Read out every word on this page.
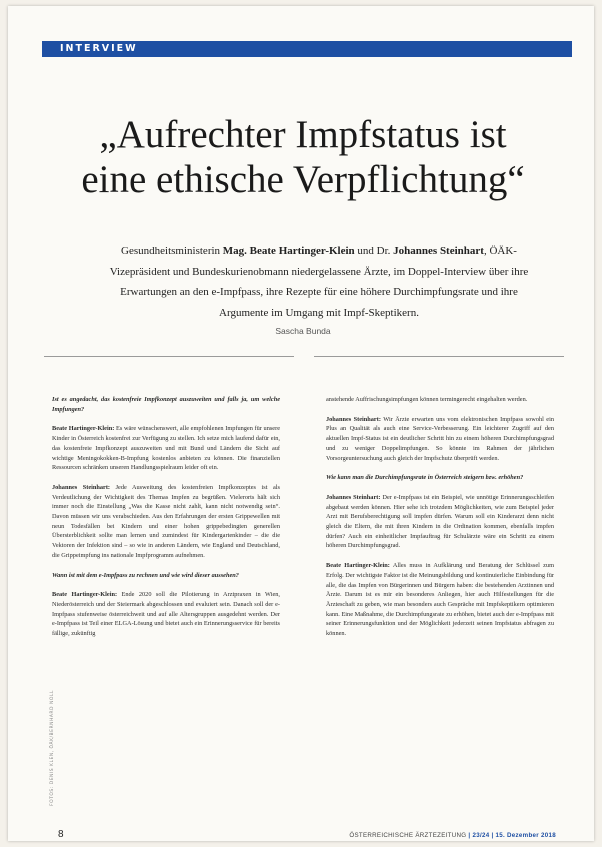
INTERVIEW
„Aufrechter Impfstatus ist
eine ethische Verpflichtung“
Gesundheitsministerin Mag. Beate Hartinger-Klein und Dr. Johannes Steinhart, ÖÄK-Vizepräsident und Bundeskurienobmann niedergelassene Ärzte, im Doppel-Interview über ihre Erwartungen an den e-Impfpass, ihre Rezepte für eine höhere Durchimpfungsrate und ihre Argumente im Umgang mit Impf-Skeptikern.
Sascha Bunda

Ist es angedacht, das kostenfreie Impfkonzept auszuweiten und falls ja, um welche Impfungen?

Beate Hartinger-Klein: Es wäre wünschenswert, alle empfohlenen Impfungen für unsere Kinder in Österreich kostenfrei zur Verfügung zu stellen. Ich setze mich laufend dafür ein, das kostenfreie Impfkonzept auszuweiten und mit Bund und Ländern die Sicht auf wichtige Meningokokken-B-Impfung kostenlos anbieten zu können. Die finanziellen Ressourcen schränken unseren Handlungsspielraum leider oft ein.

Johannes Steinhart: Jede Ausweitung des kostenfreien Impfkonzeptes ist als Verdeutlichung der Wichtigkeit des Themas Impfen zu begrüßen. Vielerorts hält sich immer noch die Einstellung „Was die Kasse nicht zahlt, kann nicht notwendig sein“. Davon müssen wir uns verabschieden. Aus den Erfahrungen der ersten Grippewellen mit neun Todesfällen bei Kindern und einer hohen grippebedingten generellen Übersterblichkeit sollte man lernen und zumindest für Kindergartenkinder – die die Vektoren der Infektion sind – so wie in anderen Ländern, wie England und Deutschland, die Grippeimpfung ins nationale Impfprogramm aufnehmen.

Wann ist mit dem e-Impfpass zu rechnen und wie wird dieser aussehen?

Beate Hartinger-Klein: Ende 2020 soll die Pilotierung in Arztpraxen in Wien, Niederösterreich und der Steiermark abgeschlossen und evaluiert sein. Danach soll der e-Impfpass stufenweise österreichweit und auf alle Altersgruppen ausgedehnt werden. Der e-Impfpass ist Teil einer ELGA-Lösung und bietet auch ein Erinnerungsservice für bereits fällige, zukünftig

anstehende Auffrischungsimpfungen können termingerecht eingehalten werden.

Johannes Steinhart: Wir Ärzte erwarten uns vom elektronischen Impfpass sowohl ein Plus an Qualität als auch eine Service-Verbesserung. Ein leichterer Zugriff auf den aktuellen Impf-Status ist ein deutlicher Schritt hin zu einem höheren Durchimpfungsgrad und zu weniger Doppelimpfungen. So könnte im Rahmen der jährlichen Vorsorgeuntersuchung auch gleich der Impfschutz überprüft werden.

Wie kann man die Durchimpfungsrate in Österreich steigern bzw. erhöhen?

Johannes Steinhart: Der e-Impfpass ist ein Beispiel, wie unnötige Erinnerungsschleifen abgebaut werden können. Hier sehe ich trotzdem Möglichkeiten, wie zum Beispiel jeder Arzt mit Berufsberechtigung soll impfen dürfen. Warum soll ein Kinderarzt denn nicht gleich die Eltern, die mit ihren Kindern in die Ordination kommen, ebenfalls impfen dürfen? Auch ein einheitlicher Impfauftrag für Schulärzte wäre ein Schritt zu einem höheren Durchimpfungsgrad.

Beate Hartinger-Klein: Alles muss in Aufklärung und Beratung der Schlüssel zum Erfolg. Der wichtigste Faktor ist die Meinungsbildung und kontinuierliche Einbindung für alle, die das Impfen von Bürgerinnen und Bürgern haben: die bestehenden Arztinnen und Ärzte. Darum ist es mir ein besonderes Anliegen, hier auch Hilfestellungen für die Ärzteschaft zu geben, wie man besonders auch Gespräche mit Impfskeptikern optimieren kann. Eine Maßnahme, die Durchimpfungsrate zu erhöhen, bietet auch der e-Impfpass mit seiner Erinnerungsfunktion und der Möglichkeit jederzeit seinen Impfstatus abfragen zu können.

FOTOS: DENIS KLEN, ÖÄK/BERNHARD NOLL
8	ÖSTERREICHISCHE ÄRZTEZEITUNG | 23/24 | 15. Dezember 2018
